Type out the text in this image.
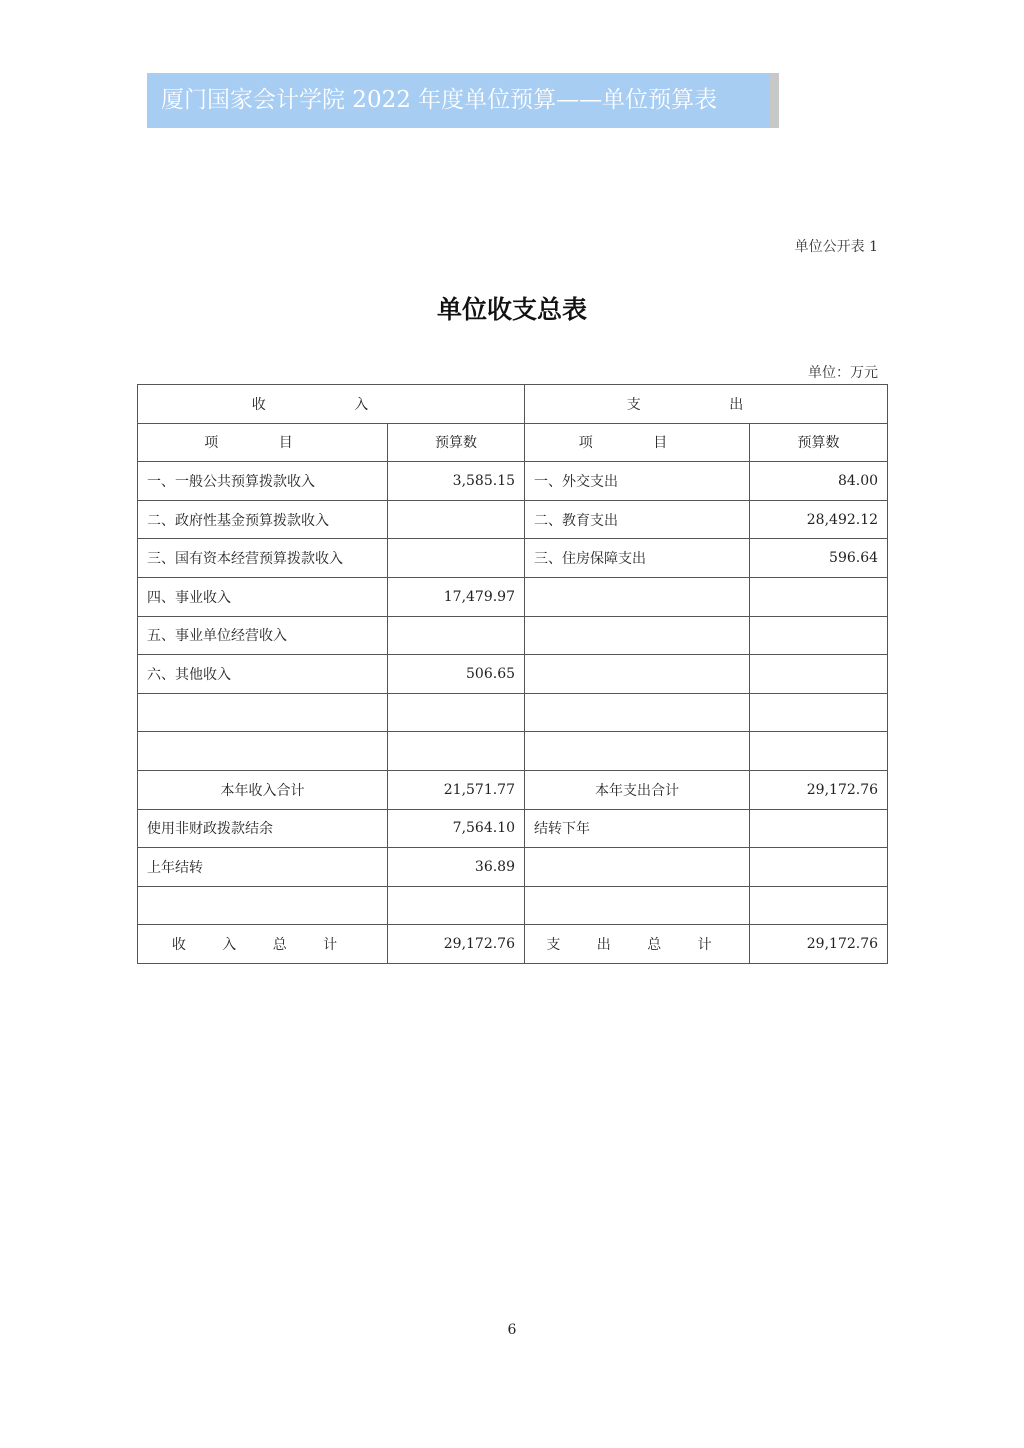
厦门国家会计学院 2022 年度单位预算——单位预算表
单位公开表 1
单位收支总表
单位：万元
收 入		支 出	
项 目	预算数	项 目	预算数
一、一般公共预算拨款收入	3,585.15	一、外交支出	84.00
二、政府性基金预算拨款收入		二、教育支出	28,492.12
三、国有资本经营预算拨款收入		三、住房保障支出	596.64
四、事业收入	17,479.97		
五、事业单位经营收入			
六、其他收入	506.65		

本年收入合计	21,571.77	本年支出合计	29,172.76
使用非财政拨款结余	7,564.10	结转下年	
上年结转	36.89		

收 入 总 计	29,172.76	支 出 总 计	29,172.76
6
